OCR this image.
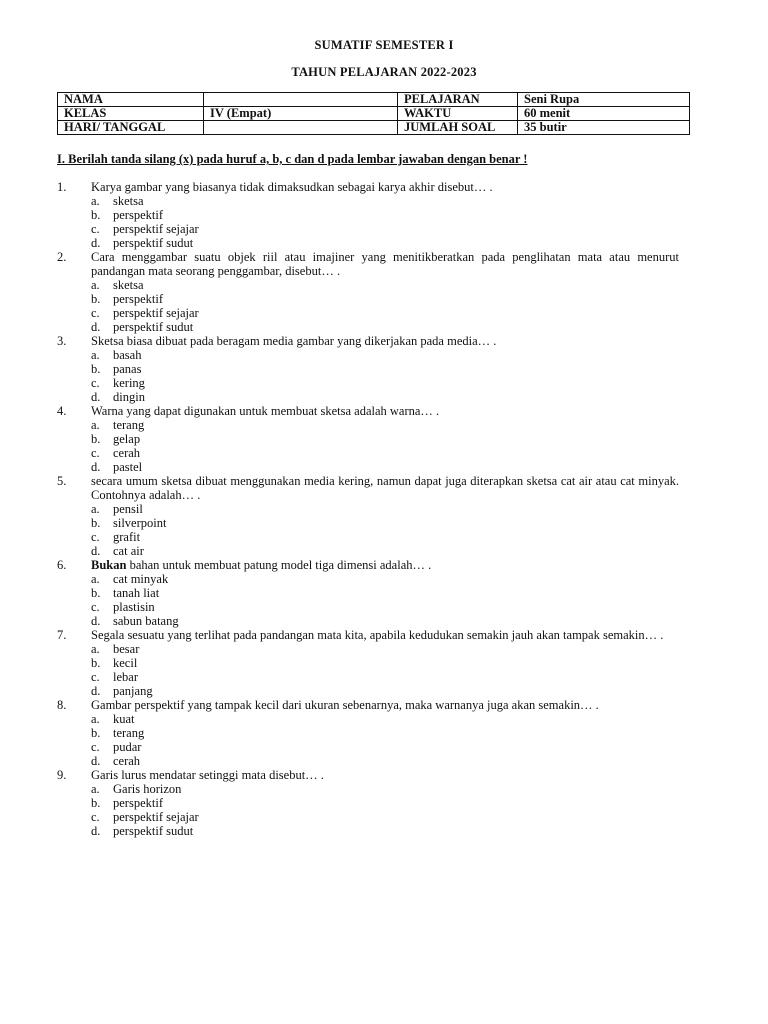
SUMATIF SEMESTER I
TAHUN PELAJARAN 2022-2023
NAMA		PELAJARAN	Seni Rupa
KELAS	IV (Empat)	WAKTU	60 menit
HARI/ TANGGAL		JUMLAH SOAL	35 butir
I. Berilah tanda silang (x) pada huruf a, b, c dan d pada lembar jawaban dengan benar !
1.	Karya gambar yang biasanya tidak dimaksudkan sebagai karya akhir disebut… .
a.	sketsa
b.	perspektif
c.	perspektif sejajar
d.	perspektif sudut
2.	Cara menggambar suatu objek riil atau imajiner yang menitikberatkan pada penglihatan mata atau menurut pandangan mata seorang penggambar, disebut… .
a.	sketsa
b.	perspektif
c.	perspektif sejajar
d.	perspektif sudut
3.	Sketsa biasa dibuat pada beragam media gambar yang dikerjakan pada media… .
a.	basah
b.	panas
c.	kering
d.	dingin
4.	Warna yang dapat digunakan untuk membuat sketsa adalah warna… .
a.	terang
b.	gelap
c.	cerah
d.	pastel
5.	secara umum sketsa dibuat menggunakan media kering, namun dapat juga diterapkan sketsa cat air atau cat minyak. Contohnya adalah… .
a.	pensil
b.	silverpoint
c.	grafit
d.	cat air
6.	Bukan bahan untuk membuat patung model tiga dimensi adalah… .
a.	cat minyak
b.	tanah liat
c.	plastisin
d.	sabun batang
7.	Segala sesuatu yang terlihat pada pandangan mata kita, apabila kedudukan semakin jauh akan tampak semakin… .
a.	besar
b.	kecil
c.	lebar
d.	panjang
8.	Gambar perspektif yang tampak kecil dari ukuran sebenarnya, maka warnanya juga akan semakin… .
a.	kuat
b.	terang
c.	pudar
d.	cerah
9.	Garis lurus mendatar setinggi mata disebut… .
a.	Garis horizon
b.	perspektif
c.	perspektif sejajar
d.	perspektif sudut
